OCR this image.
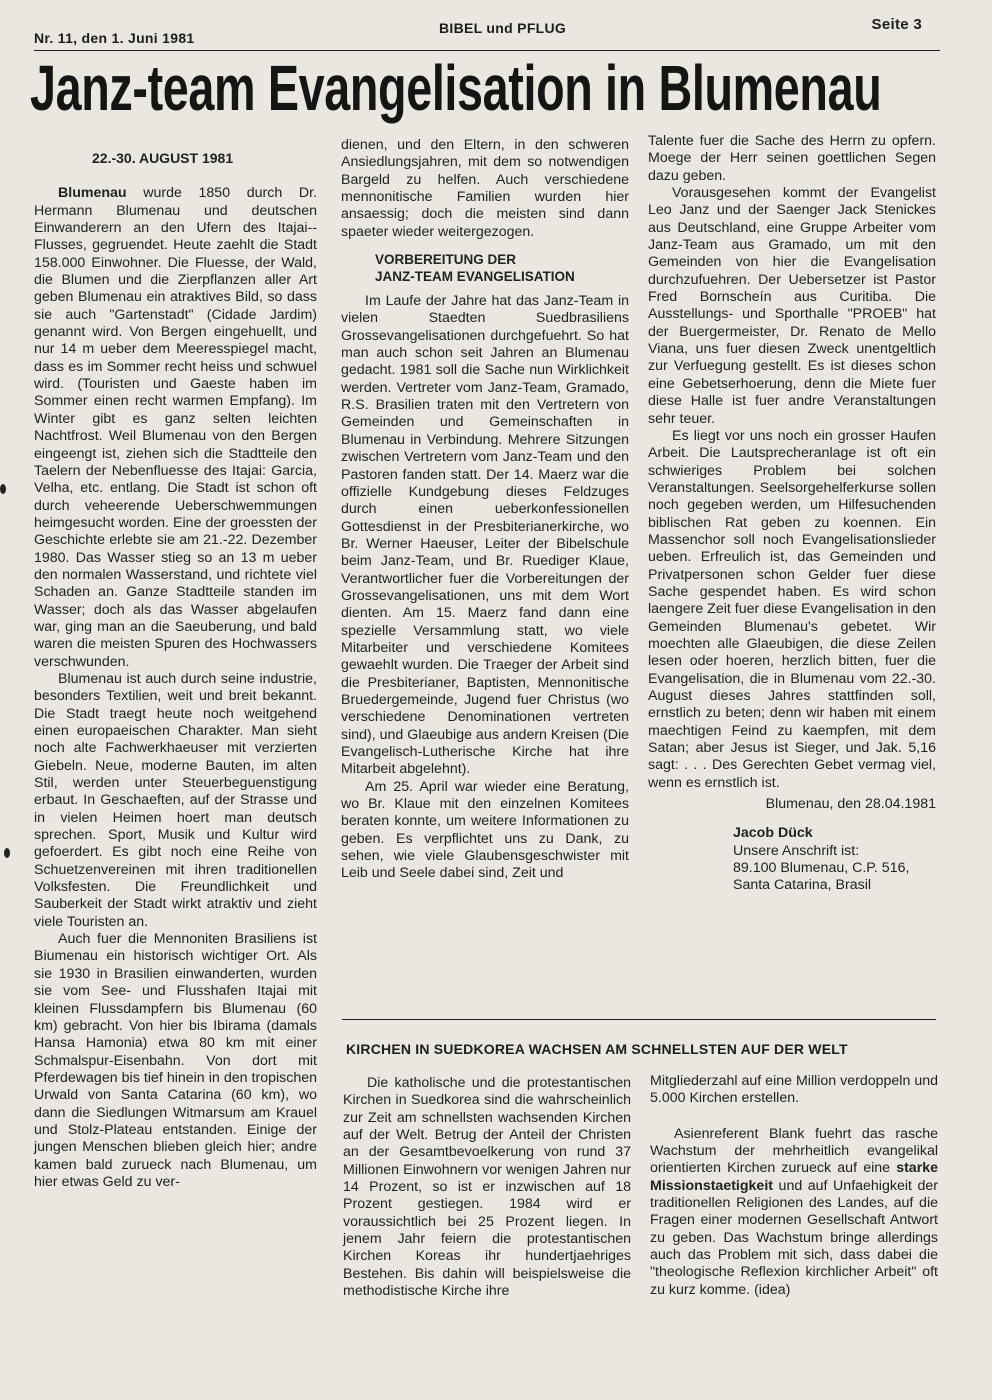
Nr. 11, den 1. Juni 1981
BIBEL und PFLUG	Seite 3
Janz-team Evangelisation in Blumenau

22.-30. AUGUST 1981

Blumenau wurde 1850 durch Dr. Hermann Blumenau und deutschen Einwanderern an den Ufern des Itajai--Flusses, gegruendet. Heute zaehlt die Stadt 158.000 Einwohner. Die Fluesse, der Wald, die Blumen und die Zierpflanzen aller Art geben Blumenau ein atraktives Bild, so dass sie auch "Gartenstadt" (Cidade Jardim) genannt wird. Von Bergen eingehuellt, und nur 14 m ueber dem Meeresspiegel macht, dass es im Sommer recht heiss und schwuel wird. (Touristen und Gaeste haben im Sommer einen recht warmen Empfang). Im Winter gibt es ganz selten leichten Nachtfrost. Weil Blumenau von den Bergen eingeengt ist, ziehen sich die Stadtteile den Taelern der Nebenfluesse des Itajai: Garcia, Velha, etc. entlang. Die Stadt ist schon oft durch veheerende Ueberschwemmungen heimgesucht worden. Eine der groessten der Geschichte erlebte sie am 21.-22. Dezember 1980. Das Wasser stieg so an 13 m ueber den normalen Wasserstand, und richtete viel Schaden an. Ganze Stadtteile standen im Wasser; doch als das Wasser abgelaufen war, ging man an die Saeuberung, und bald waren die meisten Spuren des Hochwassers verschwunden.

Blumenau ist auch durch seine industrie, besonders Textilien, weit und breit bekannt. Die Stadt traegt heute noch weitgehend einen europaeischen Charakter. Man sieht noch alte Fachwerkhaeuser mit verzierten Giebeln. Neue, moderne Bauten, im alten Stil, werden unter Steuerbeguenstigung erbaut. In Geschaeften, auf der Strasse und in vielen Heimen hoert man deutsch sprechen. Sport, Musik und Kultur wird gefoerdert. Es gibt noch eine Reihe von Schuetzenvereinen mit ihren traditionellen Volksfesten. Die Freundlichkeit und Sauberkeit der Stadt wirkt atraktiv und zieht viele Touristen an.

Auch fuer die Mennoniten Brasiliens ist Biumenau ein historisch wichtiger Ort. Als sie 1930 in Brasilien einwanderten, wurden sie vom See- und Flusshafen Itajai mit kleinen Flussdampfern bis Blumenau (60 km) gebracht. Von hier bis Ibirama (damals Hansa Hamonia) etwa 80 km mit einer Schmalspur-Eisenbahn. Von dort mit Pferdewagen bis tief hinein in den tropischen Urwald von Santa Catarina (60 km), wo dann die Siedlungen Witmarsum am Krauel und Stolz-Plateau entstanden. Einige der jungen Menschen blieben gleich hier; andre kamen bald zurueck nach Blumenau, um hier etwas Geld zu ver-

dienen, und den Eltern, in den schweren Ansiedlungsjahren, mit dem so notwendigen Bargeld zu helfen. Auch verschiedene mennonitische Familien wurden hier ansaessig; doch die meisten sind dann spaeter wieder weitergezogen.

VORBEREITUNG DER
JANZ-TEAM EVANGELISATION

Im Laufe der Jahre hat das Janz-Team in vielen Staedten Suedbrasiliens Grossevangelisationen durchgefuehrt. So hat man auch schon seit Jahren an Blumenau gedacht. 1981 soll die Sache nun Wirklichkeit werden. Vertreter vom Janz-Team, Gramado, R.S. Brasilien traten mit den Vertretern von Gemeinden und Gemeinschaften in Blumenau in Verbindung. Mehrere Sitzungen zwischen Vertretern vom Janz-Team und den Pastoren fanden statt. Der 14. Maerz war die offizielle Kundgebung dieses Feldzuges durch einen ueberkonfessionellen Gottesdienst in der Presbiterianerkirche, wo Br. Werner Haeuser, Leiter der Bibelschule beim Janz-Team, und Br. Ruediger Klaue, Verantwortlicher fuer die Vorbereitungen der Grossevangelisationen, uns mit dem Wort dienten. Am 15. Maerz fand dann eine spezielle Versammlung statt, wo viele Mitarbeiter und verschiedene Komitees gewaehlt wurden. Die Traeger der Arbeit sind die Presbiterianer, Baptisten, Mennonitische Bruedergemeinde, Jugend fuer Christus (wo verschiedene Denominationen vertreten sind), und Glaeubige aus andern Kreisen (Die Evangelisch-Lutherische Kirche hat ihre Mitarbeit abgelehnt).

Am 25. April war wieder eine Beratung, wo Br. Klaue mit den einzelnen Komitees beraten konnte, um weitere Informationen zu geben. Es verpflichtet uns zu Dank, zu sehen, wie viele Glaubensgeschwister mit Leib und Seele dabei sind, Zeit und

Talente fuer die Sache des Herrn zu opfern. Moege der Herr seinen goettlichen Segen dazu geben.

Vorausgesehen kommt der Evangelist Leo Janz und der Saenger Jack Stenickes aus Deutschland, eine Gruppe Arbeiter vom Janz-Team aus Gramado, um mit den Gemeinden von hier die Evangelisation durchzufuehren. Der Uebersetzer ist Pastor Fred Bornscheín aus Curitiba. Die Ausstellungs- und Sporthalle "PROEB" hat der Buergermeister, Dr. Renato de Mello Viana, uns fuer diesen Zweck unentgeltlich zur Verfuegung gestellt. Es ist dieses schon eine Gebetserhoerung, denn die Miete fuer diese Halle ist fuer andre Veranstaltungen sehr teuer.

Es liegt vor uns noch ein grosser Haufen Arbeit. Die Lautsprecheranlage ist oft ein schwieriges Problem bei solchen Veranstaltungen. Seelsorgehelferkurse sollen noch gegeben werden, um Hilfesuchenden biblischen Rat geben zu koennen. Ein Massenchor soll noch Evangelisationslieder ueben. Erfreulich ist, das Gemeinden und Privatpersonen schon Gelder fuer diese Sache gespendet haben. Es wird schon laengere Zeit fuer diese Evangelisation in den Gemeinden Blumenau's gebetet. Wir moechten alle Glaeubigen, die diese Zeilen lesen oder hoeren, herzlich bitten, fuer die Evangelisation, die in Blumenau vom 22.-30. August dieses Jahres stattfinden soll, ernstlich zu beten; denn wir haben mit einem maechtigen Feind zu kaempfen, mit dem Satan; aber Jesus ist Sieger, und Jak. 5,16 sagt: . . . Des Gerechten Gebet vermag viel, wenn es ernstlich ist.

Blumenau, den 28.04.1981

Jacob Dück
Unsere Anschrift ist:
89.100 Blumenau, C.P. 516,
Santa Catarina, Brasil
KIRCHEN IN SUEDKOREA WACHSEN AM SCHNELLSTEN AUF DER WELT

Die katholische und die protestantischen Kirchen in Suedkorea sind die wahrscheinlich zur Zeit am schnellsten wachsenden Kirchen auf der Welt. Betrug der Anteil der Christen an der Gesamtbevoelkerung von rund 37 Millionen Einwohnern vor wenigen Jahren nur 14 Prozent, so ist er inzwischen auf 18 Prozent gestiegen. 1984 wird er voraussichtlich bei 25 Prozent liegen. In jenem Jahr feiern die protestantischen Kirchen Koreas ihr hundertjaehriges Bestehen. Bis dahin will beispielsweise die methodistische Kirche ihre

Mitgliederzahl auf eine Million verdoppeln und 5.000 Kirchen erstellen.

Asienreferent Blank fuehrt das rasche Wachstum der mehrheitlich evangelikal orientierten Kirchen zurueck auf eine starke Missionstaetigkeit und auf Unfaehigkeit der traditionellen Religionen des Landes, auf die Fragen einer modernen Gesellschaft Antwort zu geben. Das Wachstum bringe allerdings auch das Problem mit sich, dass dabei die "theologische Reflexion kirchlicher Arbeit" oft zu kurz komme. (idea)
